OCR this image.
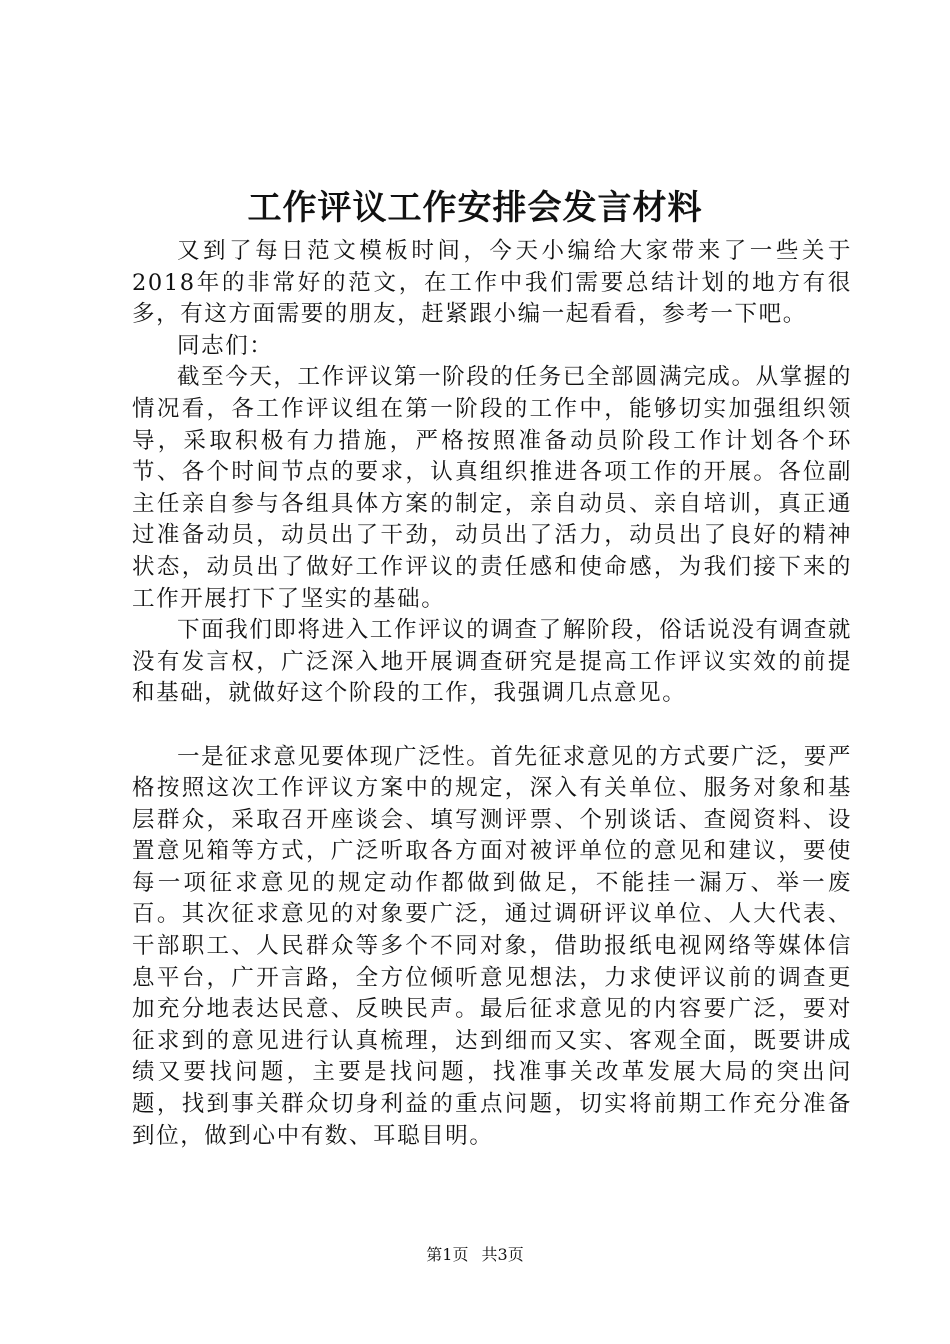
工作评议工作安排会发言材料

又到了每日范文模板时间，今天小编给大家带来了一些关于2018年的非常好的范文，在工作中我们需要总结计划的地方有很多，有这方面需要的朋友，赶紧跟小编一起看看，参考一下吧。

同志们：

截至今天，工作评议第一阶段的任务已全部圆满完成。从掌握的情况看，各工作评议组在第一阶段的工作中，能够切实加强组织领导，采取积极有力措施，严格按照准备动员阶段工作计划各个环节、各个时间节点的要求，认真组织推进各项工作的开展。各位副主任亲自参与各组具体方案的制定，亲自动员、亲自培训，真正通过准备动员，动员出了干劲，动员出了活力，动员出了良好的精神状态，动员出了做好工作评议的责任感和使命感，为我们接下来的工作开展打下了坚实的基础。

下面我们即将进入工作评议的调查了解阶段，俗话说没有调查就没有发言权，广泛深入地开展调查研究是提高工作评议实效的前提和基础，就做好这个阶段的工作，我强调几点意见。

一是征求意见要体现广泛性。首先征求意见的方式要广泛，要严格按照这次工作评议方案中的规定，深入有关单位、服务对象和基层群众，采取召开座谈会、填写测评票、个别谈话、查阅资料、设置意见箱等方式，广泛听取各方面对被评单位的意见和建议，要使每一项征求意见的规定动作都做到做足，不能挂一漏万、举一废百。其次征求意见的对象要广泛，通过调研评议单位、人大代表、干部职工、人民群众等多个不同对象，借助报纸电视网络等媒体信息平台，广开言路，全方位倾听意见想法，力求使评议前的调查更加充分地表达民意、反映民声。最后征求意见的内容要广泛，要对征求到的意见进行认真梳理，达到细而又实、客观全面，既要讲成绩又要找问题，主要是找问题，找准事关改革发展大局的突出问题，找到事关群众切身利益的重点问题，切实将前期工作充分准备到位，做到心中有数、耳聪目明。

第1页 共3页
